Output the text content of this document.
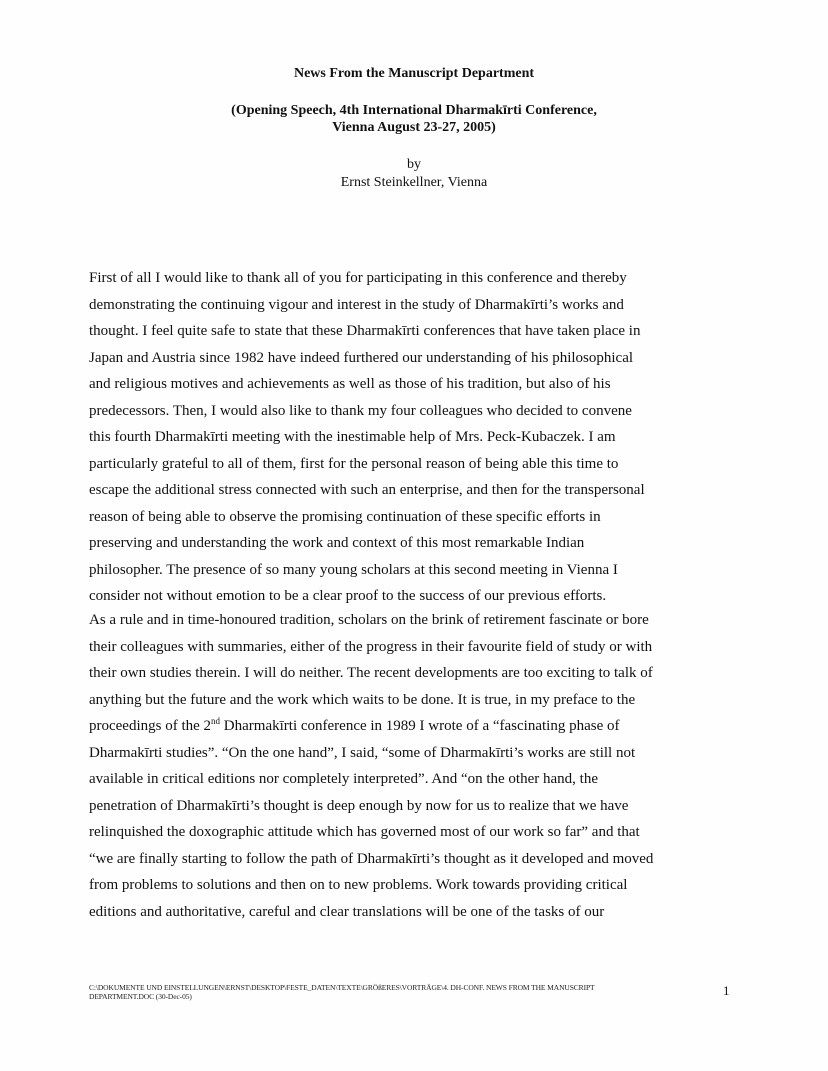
News From the Manuscript Department
(Opening Speech, 4th International Dharmakīrti Conference,
Vienna August 23-27, 2005)
by
Ernst Steinkellner, Vienna
First of all I would like to thank all of you for participating in this conference and thereby
demonstrating the continuing vigour and interest in the study of Dharmakīrti’s works and
thought. I feel quite safe to state that these Dharmakīrti conferences that have taken place in
Japan and Austria since 1982 have indeed furthered our understanding of his philosophical
and religious motives and achievements as well as those of his tradition, but also of his
predecessors. Then, I would also like to thank my four colleagues who decided to convene
this fourth Dharmakīrti meeting with the inestimable help of Mrs. Peck-Kubaczek. I am
particularly grateful to all of them, first for the personal reason of being able this time to
escape the additional stress connected with such an enterprise, and then for the transpersonal
reason of being able to observe the promising continuation of these specific efforts in
preserving and understanding the work and context of this most remarkable Indian
philosopher. The presence of so many young scholars at this second meeting in Vienna I
consider not without emotion to be a clear proof to the success of our previous efforts.
As a rule and in time-honoured tradition, scholars on the brink of retirement fascinate or bore
their colleagues with summaries, either of the progress in their favourite field of study or with
their own studies therein. I will do neither. The recent developments are too exciting to talk of
anything but the future and the work which waits to be done. It is true, in my preface to the
proceedings of the 2nd Dharmakīrti conference in 1989 I wrote of a “fascinating phase of
Dharmakīrti studies”. “On the one hand”, I said, “some of Dharmakīrti’s works are still not
available in critical editions nor completely interpreted”. And “on the other hand, the
penetration of Dharmakīrti’s thought is deep enough by now for us to realize that we have
relinquished the doxographic attitude which has governed most of our work so far” and that
“we are finally starting to follow the path of Dharmakīrti’s thought as it developed and moved
from problems to solutions and then on to new problems. Work towards providing critical
editions and authoritative, careful and clear translations will be one of the tasks of our
C:\DOKUMENTE UND EINSTELLUNGEN\ERNST\DESKTOP\FESTE_DATEN\TEXTE\GRÖßERES\VORTRÄGE\4. DH-CONF. NEWS FROM THE MANUSCRIPT
DEPARTMENT.DOC (30-Dec-05)	1
